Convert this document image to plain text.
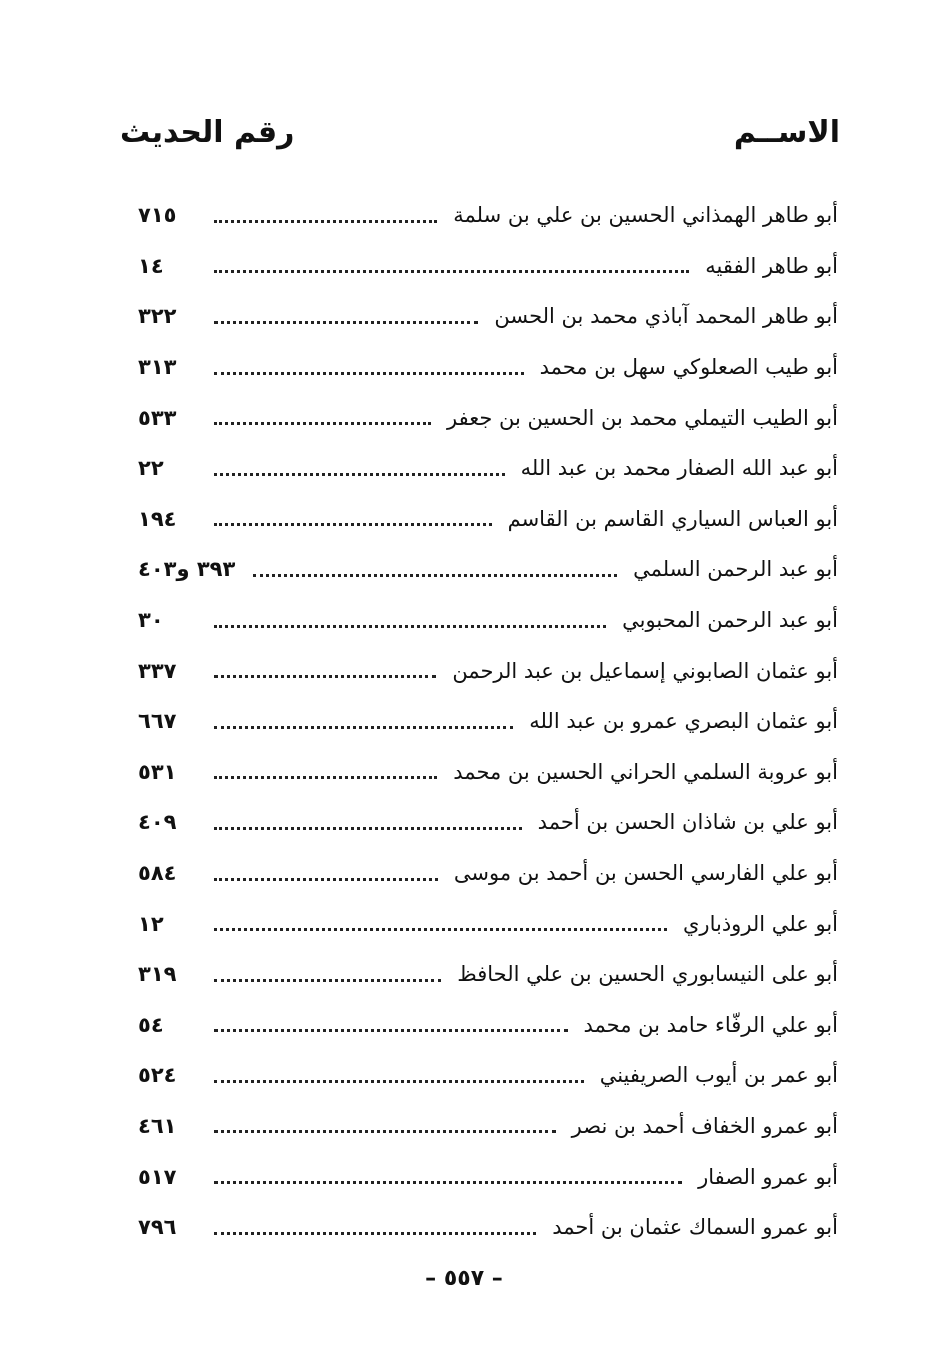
الاســم
رقم الحديث
أبو طاهر الهمذاني الحسين بن علي بن سلمة
٧١٥
أبو طاهر الفقيه
١٤
أبو طاهر المحمد آباذي محمد بن الحسن
٣٢٢
أبو طيب الصعلوكي سهل بن محمد
٣١٣
أبو الطيب التيملي محمد بن الحسين بن جعفر
٥٣٣
أبو عبد الله الصفار محمد بن عبد الله
٢٢
أبو العباس السياري القاسم بن القاسم
١٩٤
أبو عبد الرحمن السلمي
٣٩٣ و٤٠٣
أبو عبد الرحمن المحبوبي
٣٠
أبو عثمان الصابوني إسماعيل بن عبد الرحمن
٣٣٧
أبو عثمان البصري عمرو بن عبد الله
٦٦٧
أبو عروبة السلمي الحراني الحسين بن محمد
٥٣١
أبو علي بن شاذان الحسن بن أحمد
٤٠٩
أبو علي الفارسي الحسن بن أحمد بن موسى
٥٨٤
أبو علي الروذباري
١٢
أبو على النيسابوري الحسين بن علي الحافظ
٣١٩
أبو علي الرفّاء حامد بن محمد
٥٤
أبو عمر بن أيوب الصريفيني
٥٢٤
أبو عمرو الخفاف أحمد بن نصر
٤٦١
أبو عمرو الصفار
٥١٧
أبو عمرو السماك عثمان بن أحمد
٧٩٦
– ٥٥٧ –
